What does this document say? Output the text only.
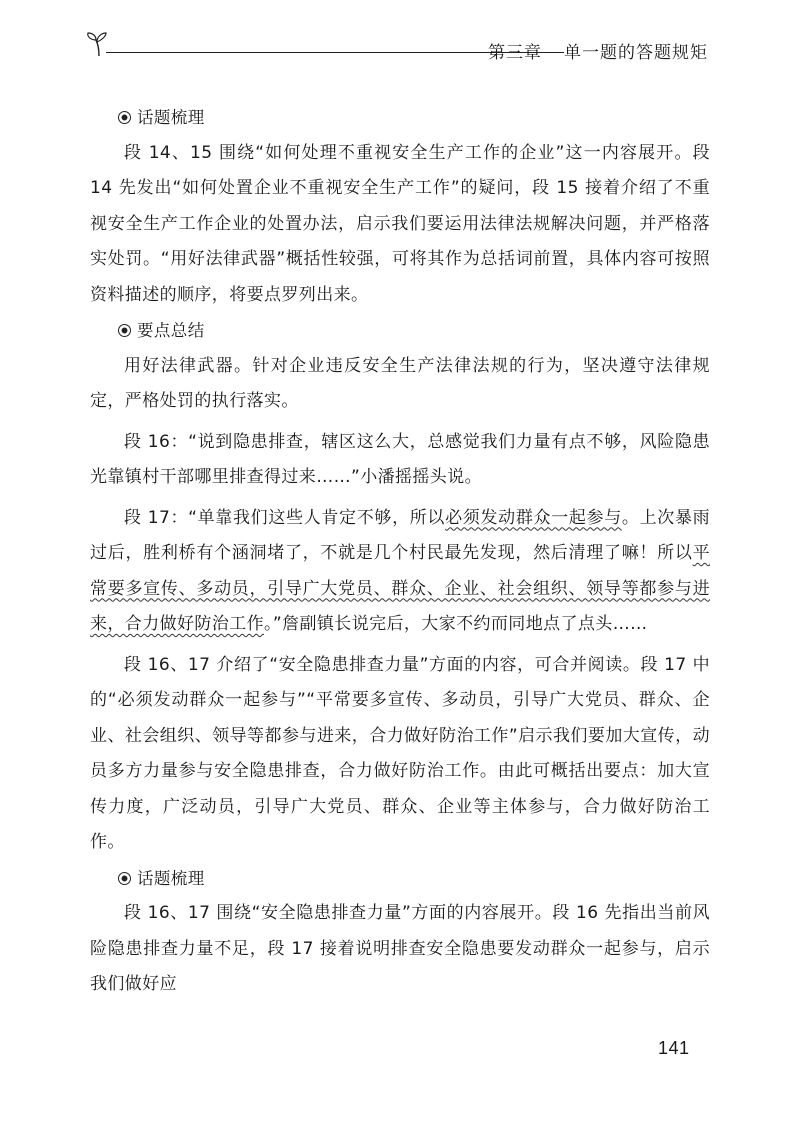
第三章 单一题的答题规矩

话题梳理

段 14、15 围绕“如何处理不重视安全生产工作的企业”这一内容展开。段 14 先发出“如何处置企业不重视安全生产工作”的疑问，段 15 接着介绍了不重视安全生产工作企业的处置办法，启示我们要运用法律法规解决问题，并严格落实处罚。“用好法律武器”概括性较强，可将其作为总括词前置，具体内容可按照资料描述的顺序，将要点罗列出来。

要点总结

用好法律武器。针对企业违反安全生产法律法规的行为，坚决遵守法律规定，严格处罚的执行落实。

段 16：“说到隐患排查，辖区这么大，总感觉我们力量有点不够，风险隐患光靠镇村干部哪里排查得过来……”小潘摇摇头说。

段 17：“单靠我们这些人肯定不够，所以必须发动群众一起参与。上次暴雨过后，胜利桥有个涵洞堵了，不就是几个村民最先发现，然后清理了嘛！所以平常要多宣传、多动员，引导广大党员、群众、企业、社会组织、领导等都参与进来，合力做好防治工作。”詹副镇长说完后，大家不约而同地点了点头……

段 16、17 介绍了“安全隐患排查力量”方面的内容，可合并阅读。段 17 中的“必须发动群众一起参与”“平常要多宣传、多动员，引导广大党员、群众、企业、社会组织、领导等都参与进来，合力做好防治工作”启示我们要加大宣传，动员多方力量参与安全隐患排查，合力做好防治工作。由此可概括出要点：加大宣传力度，广泛动员，引导广大党员、群众、企业等主体参与，合力做好防治工作。

话题梳理

段 16、17 围绕“安全隐患排查力量”方面的内容展开。段 16 先指出当前风险隐患排查力量不足，段 17 接着说明排查安全隐患要发动群众一起参与，启示我们做好应

141
